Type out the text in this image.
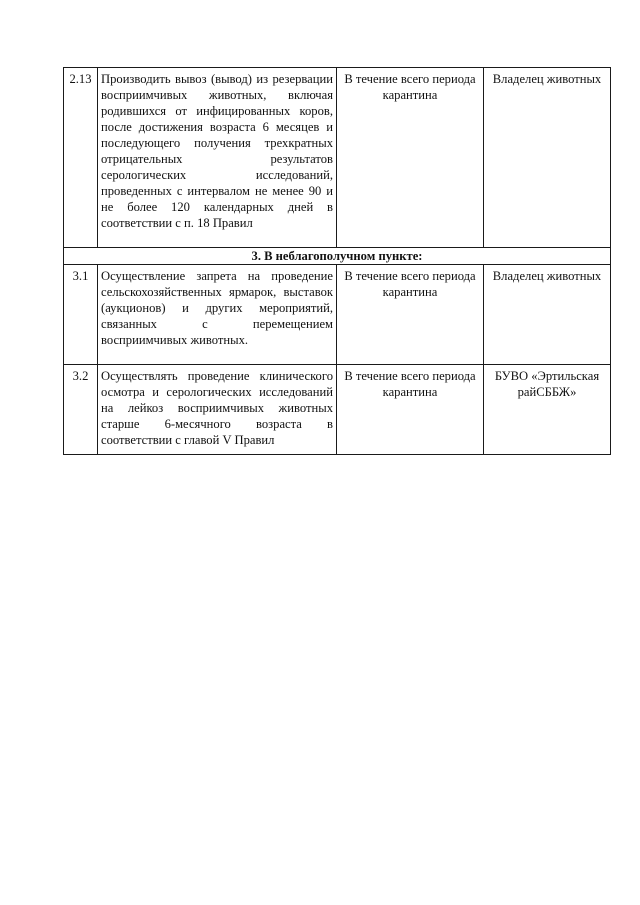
2.13	Производить вывоз (вывод) из резервации восприимчивых животных, включая родившихся от инфицированных коров, после достижения возраста 6 месяцев и последующего получения трехкратных отрицательных результатов серологических исследований, проведенных с интервалом не менее 90 и не более 120 календарных дней в соответствии с п. 18 Правил	В течение всего периода карантина	Владелец животных
3. В неблагополучном пункте:			
3.1	Осуществление запрета на проведение сельскохозяйственных ярмарок, выставок (аукционов) и других мероприятий, связанных с перемещением восприимчивых животных.	В течение всего периода карантина	Владелец животных
3.2	Осуществлять проведение клинического осмотра и серологических исследований на лейкоз восприимчивых животных старше 6-месячного возраста в соответствии с главой V Правил	В течение всего периода карантина	БУВО «Эртильская райСББЖ»
